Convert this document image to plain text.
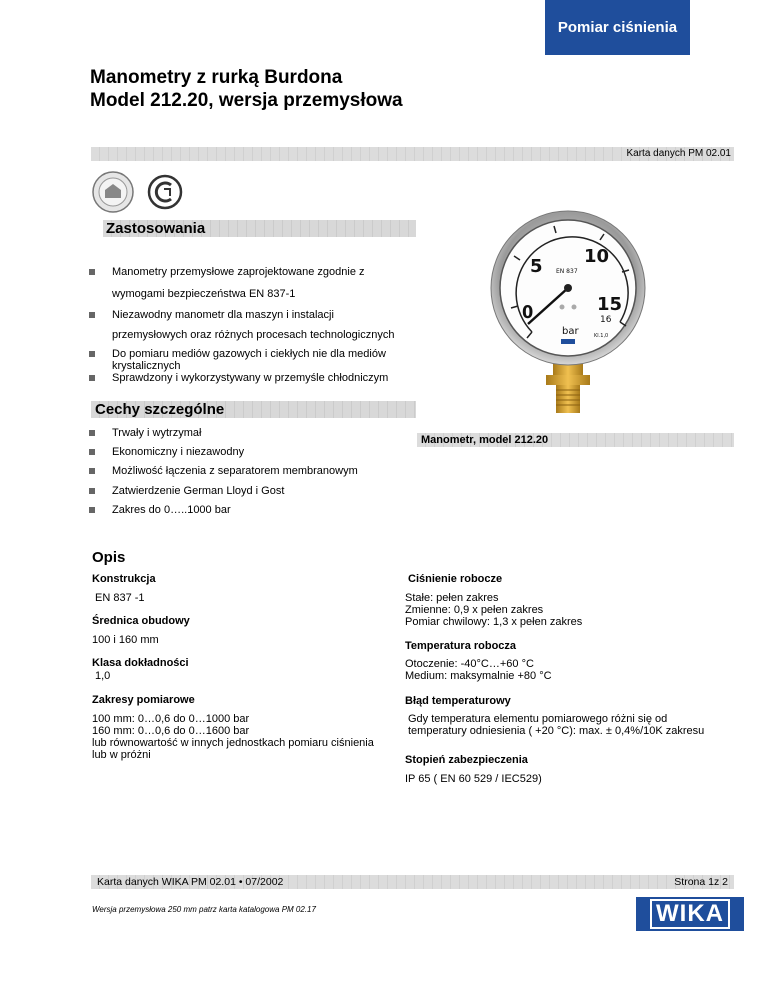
Pomiar ciśnienia
Manometry z rurką Burdona
Model 212.20, wersja przemysłowa
Karta danych PM 02.01
Zastosowania
Manometry przemysłowe zaprojektowane zgodnie z
wymogami bezpieczeństwa EN 837-1
Niezawodny manometr dla maszyn i instalacji
przemysłowych oraz różnych procesach technologicznych
Do pomiaru mediów gazowych i ciekłych nie dla mediów krystalicznych
Sprawdzony i wykorzystywany w przemyśle chłodniczym
0
5 10
15
16
EN 837
bar	Kl.1,0
Manometr, model 212.20
Cechy szczególne
Trwały i wytrzymał
Ekonomiczny i niezawodny
Możliwość łączenia z separatorem membranowym
Zatwierdzenie German Lloyd i Gost
Zakres do 0…..1000 bar
Opis
Konstrukcja
EN 837 -1
Średnica obudowy
100 i 160 mm
Klasa dokładności
1,0
Zakresy pomiarowe
100 mm: 0…0,6 do 0…1000 bar
160 mm: 0…0,6 do 0…1600 bar
lub równowartość w innych jednostkach pomiaru ciśnienia
lub w próżni
Ciśnienie robocze
Stałe: pełen zakres
Zmienne: 0,9 x pełen zakres
Pomiar chwilowy: 1,3 x pełen zakres
Temperatura robocza
Otoczenie: -40°C…+60 °C
Medium: maksymalnie +80 °C
Błąd temperaturowy
Gdy temperatura elementu pomiarowego różni się od
temperatury odniesienia ( +20 °C): max. ± 0,4%/10K zakresu
Stopień zabezpieczenia
IP 65 ( EN 60 529 / IEC529)
Karta danych WIKA PM 02.01 • 07/2002	Strona 1z 2
Wersja przemysłowa 250 mm patrz karta katalogowa PM 02.17	WIKA
